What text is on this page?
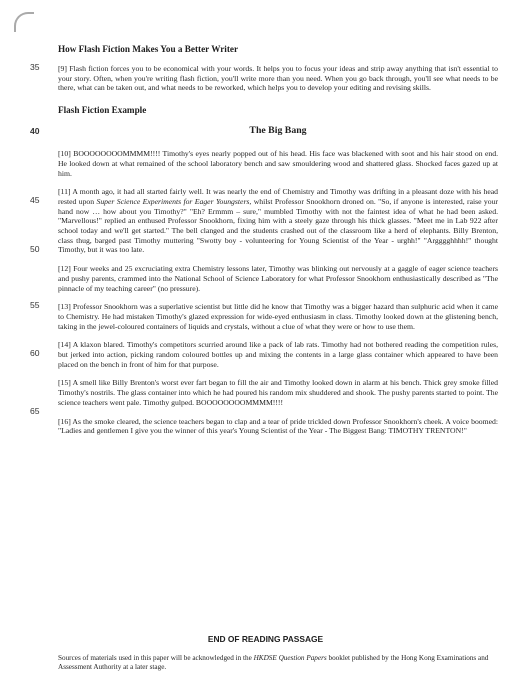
How Flash Fiction Makes You a Better Writer

35	[9] Flash fiction forces you to be economical with your words. It helps you to focus your ideas and strip away anything that isn't essential to your story. Often, when you're writing flash fiction, you'll write more than you need. When you go back through, you'll see what needs to be there, what can be taken out, and what needs to be reworked, which helps you to develop your editing and revising skills.

Flash Fiction Example
40	The Big Bang

[10] BOOOOOOOOMMMM!!!! Timothy's eyes nearly popped out of his head. His face was blackened with soot and his hair stood on end. He looked down at what remained of the school laboratory bench and saw smouldering wood and shattered glass. Shocked faces gazed up at him.

45
50
[11] A month ago, it had all started fairly well. It was nearly the end of Chemistry and Timothy was drifting in a pleasant doze with his head rested upon Super Science Experiments for Eager Youngsters, whilst Professor Snookhorn droned on. "So, if anyone is interested, raise your hand now … how about you Timothy?" "Eh? Ermmm – sure," mumbled Timothy with not the faintest idea of what he had been asked. "Marvellous!" replied an enthused Professor Snookhorn, fixing him with a steely gaze through his thick glasses. "Meet me in Lab 922 after school today and we'll get started." The bell clanged and the students crashed out of the classroom like a herd of elephants. Billy Brenton, class thug, barged past Timothy muttering "Swotty boy - volunteering for Young Scientist of the Year - urghh!" "Argggghhhh!" thought Timothy, but it was too late.

[12] Four weeks and 25 excruciating extra Chemistry lessons later, Timothy was blinking out nervously at a gaggle of eager science teachers and pushy parents, crammed into the National School of Science Laboratory for what Professor Snookhorn enthusiastically described as "The pinnacle of my teaching career" (no pressure).

55	[13] Professor Snookhorn was a superlative scientist but little did he know that Timothy was a bigger hazard than sulphuric acid when it came to Chemistry. He had mistaken Timothy's glazed expression for wide-eyed enthusiasm in class. Timothy looked down at the glistening bench, taking in the jewel-coloured containers of liquids and crystals, without a clue of what they were or how to use them.

60
[14] A klaxon blared. Timothy's competitors scurried around like a pack of lab rats. Timothy had not bothered reading the competition rules, but jerked into action, picking random coloured bottles up and mixing the contents in a large glass container which appeared to have been placed on the bench in front of him for that purpose.

65
[15] A smell like Billy Brenton's worst ever fart began to fill the air and Timothy looked down in alarm at his bench. Thick grey smoke filled Timothy's nostrils. The glass container into which he had poured his random mix shuddered and shook. The pushy parents started to point. The science teachers went pale. Timothy gulped. BOOOOOOOOMMMM!!!!

[16] As the smoke cleared, the science teachers began to clap and a tear of pride trickled down Professor Snookhorn's cheek. A voice boomed: "Ladies and gentlemen I give you the winner of this year's Young Scientist of the Year - The Biggest Bang: TIMOTHY TRENTON!"

END OF READING PASSAGE
Sources of materials used in this paper will be acknowledged in the HKDSE Question Papers booklet published by the Hong Kong Examinations and Assessment Authority at a later stage.
